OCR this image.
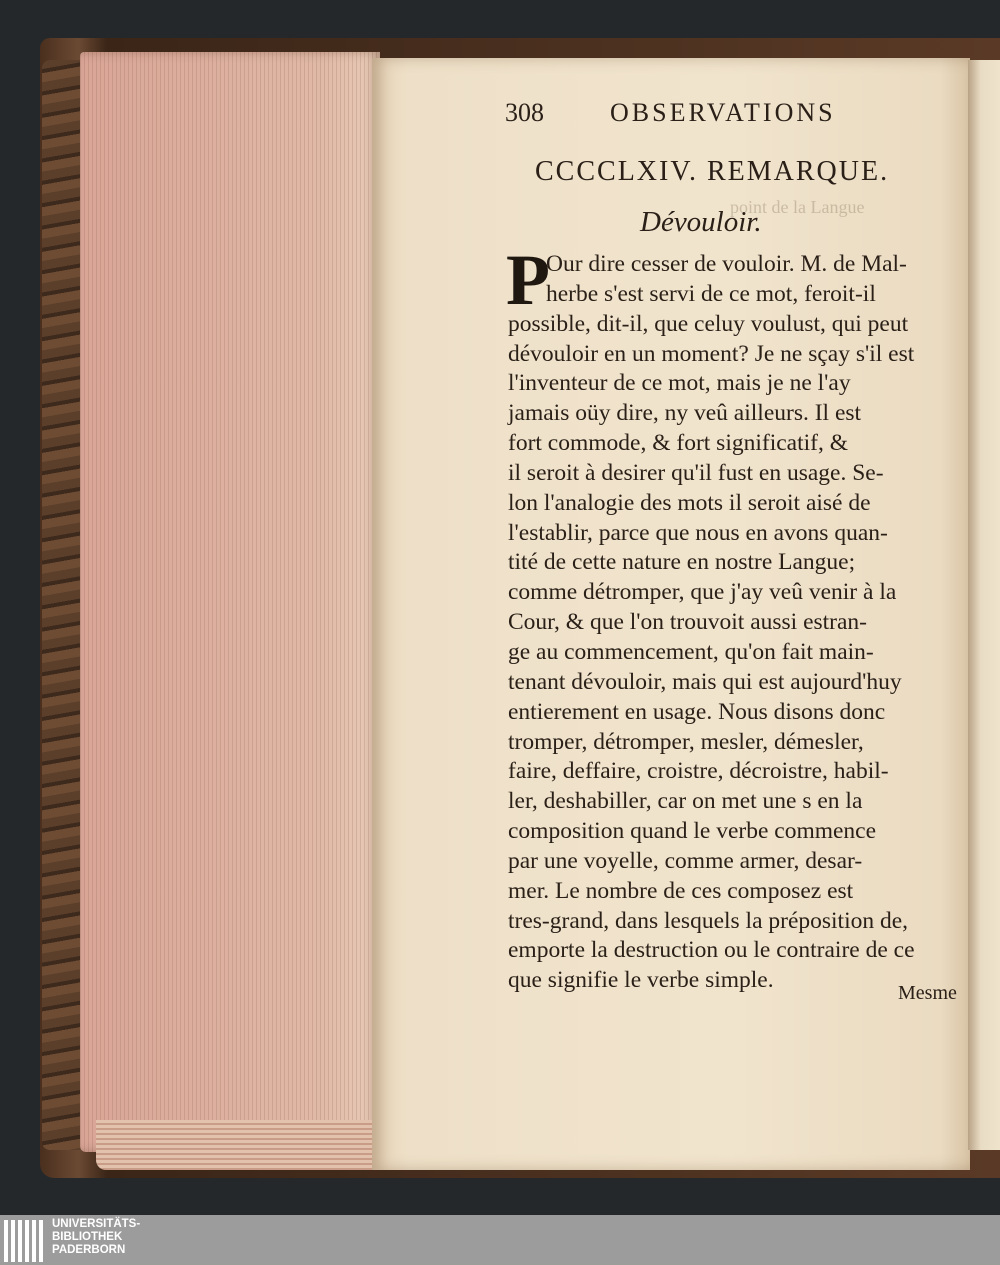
point de la Langue
308	OBSERVATIONS
CCCCLXIV. REMARQUE.
Dévouloir.
P
Our dire cesser de vouloir. M. de Mal-
herbe s'est servi de ce mot, feroit-il
possible, dit-il, que celuy voulust, qui peut
dévouloir en un moment? Je ne sçay s'il est
l'inventeur de ce mot, mais je ne l'ay
jamais oüy dire, ny veû ailleurs. Il est
fort commode, & fort significatif, &
il seroit à desirer qu'il fust en usage. Se-
lon l'analogie des mots il seroit aisé de
l'establir, parce que nous en avons quan-
tité de cette nature en nostre Langue;
comme détromper, que j'ay veû venir à la
Cour, & que l'on trouvoit aussi estran-
ge au commencement, qu'on fait main-
tenant dévouloir, mais qui est aujourd'huy
entierement en usage. Nous disons donc
tromper, détromper, mesler, démesler,
faire, deffaire, croistre, décroistre, habil-
ler, deshabiller, car on met une s en la
composition quand le verbe commence
par une voyelle, comme armer, desar-
mer. Le nombre de ces composez est
tres-grand, dans lesquels la préposition de,
emporte la destruction ou le contraire de ce
que signifie le verbe simple.	Mesme
UNIVERSITÄTS-
BIBLIOTHEK
PADERBORN
